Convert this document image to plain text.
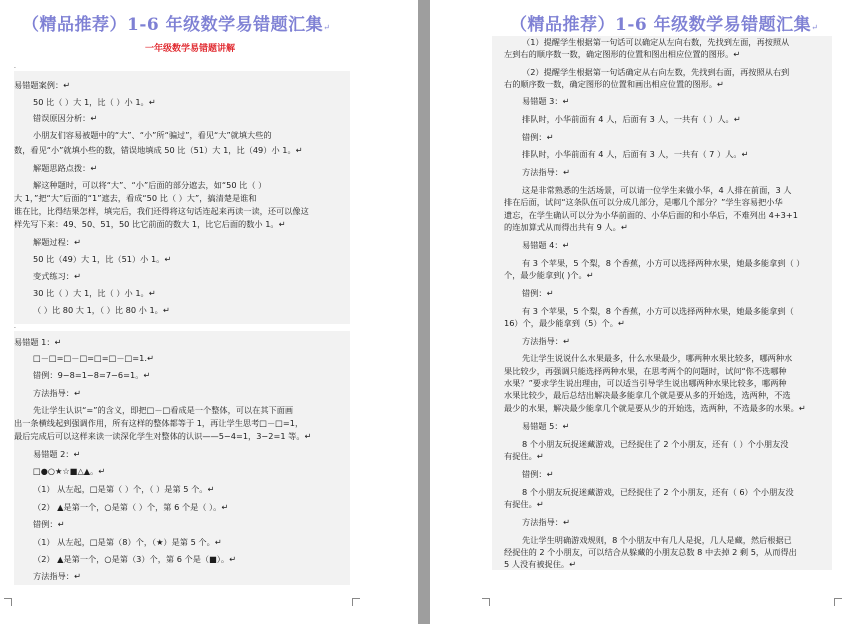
（精品推荐）1-6 年级数学易错题汇集↵
一年级数学易错题讲解
.
易错题案例：↵
50 比（ ）大 1，比（ ）小 1。↵
错误原因分析：↵
小朋友们容易被题中的“大”、“小”所“骗过”，看见“大”就填大些的
数，看见“小”就填小些的数，错误地填成 50 比（51）大 1，比（49）小 1。↵
解题思路点拨：↵
解这种题时，可以将“大”、“小”后面的部分遮去，如“50 比（ ）
大 1，”把“大”后面的“1”遮去，看成“50 比（ ）大”，搞清楚是谁和
谁在比，比得结果怎样，填完后，我们还得将这句话连起来再读一读，还可以像这
样先写下来：49、50、51，50 比它前面的数大 1，比它后面的数小 1。↵
解题过程：↵
50 比（49）大 1，比（51）小 1。↵
变式练习：↵
30 比（ ）大 1，比（ ）小 1。↵
（ ）比 80 大 1，（ ）比 80 小 1。↵
.
易错题 1：↵
□－□=□－□=□=□－□=1.↵
错例：9−8=1−8=7−6=1。↵
方法指导：↵
先让学生认识“=”的含义，即把□－□看成是一个整体，可以在其下面画
出一条横线起到强调作用，所有这样的整体都等于 1，再让学生思考□－□=1，
最后完成后可以这样来读一读深化学生对整体的认识——5−4=1，3−2=1 等。↵
易错题 2：↵
□●○★☆■△▲。↵
（1） 从左起，□是第（ ）个，（ ）是第 5 个。↵
（2） ▲是第一个，○是第（ ）个，第 6 个是（ ）。↵
错例：↵
（1） 从左起，□是第（8）个，（★）是第 5 个。↵
（2） ▲是第一个，○是第（3）个，第 6 个是（■）。↵
方法指导：↵
（精品推荐）1-6 年级数学易错题汇集↵
（1）提醒学生根据第一句话可以确定从左向右数，先找到左面，再按照从
左到右的顺序数一数，确定图形的位置和图出相应位置的图形。↵
（2）提醒学生根据第一句话确定从右向左数，先找到右面，再按照从右到
右的顺序数一数，确定图形的位置和画出相应位置的图形。↵
易错题 3：↵
排队时，小华前面有 4 人，后面有 3 人，一共有（ ）人。↵
错例：↵
排队时，小华前面有 4 人，后面有 3 人，一共有（ 7 ）人。↵
方法指导：↵
这是非常熟悉的生活场景，可以请一位学生来做小华，4 人排在前面，3 人
排在后面，试问“这条队伍可以分成几部分，是哪几个部分？”学生容易把小华
遗忘，在学生确认可以分为小华前面的、小华后面的和小华后，不难列出 4+3+1
的连加算式从而得出共有 9 人。↵
易错题 4：↵
有 3 个苹果，5 个梨，8 个香蕉，小方可以选择两种水果，她最多能拿到（ ）
个，最少能拿到( )个。↵
错例：↵
有 3 个苹果，5 个梨，8 个香蕉，小方可以选择两种水果，她最多能拿到（
16）个，最少能拿到（5）个。↵
方法指导：↵
先让学生说说什么水果最多，什么水果最少，哪两种水果比较多，哪两种水
果比较少，再强调只能选择两种水果，在思考两个的问题时，试问“你不选哪种
水果？”要求学生说出理由，可以适当引导学生说出哪两种水果比较多，哪两种
水果比较少，最后总结出解决最多能拿几个就是要从多的开始选，选两种，不选
最少的水果，解决最少能拿几个就是要从少的开始选，选两种，不选最多的水果。↵
易错题 5：↵
8 个小朋友玩捉迷藏游戏，已经捉住了 2 个小朋友，还有（ ）个小朋友没
有捉住。↵
错例：↵
8 个小朋友玩捉迷藏游戏，已经捉住了 2 个小朋友，还有（ 6）个小朋友没
有捉住。↵
方法指导：↵
先让学生明确游戏规则，8 个小朋友中有几人是捉，几人是藏，然后根据已
经捉住的 2 个小朋友，可以结合从躲藏的小朋友总数 8 中去掉 2 剩 5，从而得出
5 人没有被捉住。↵
